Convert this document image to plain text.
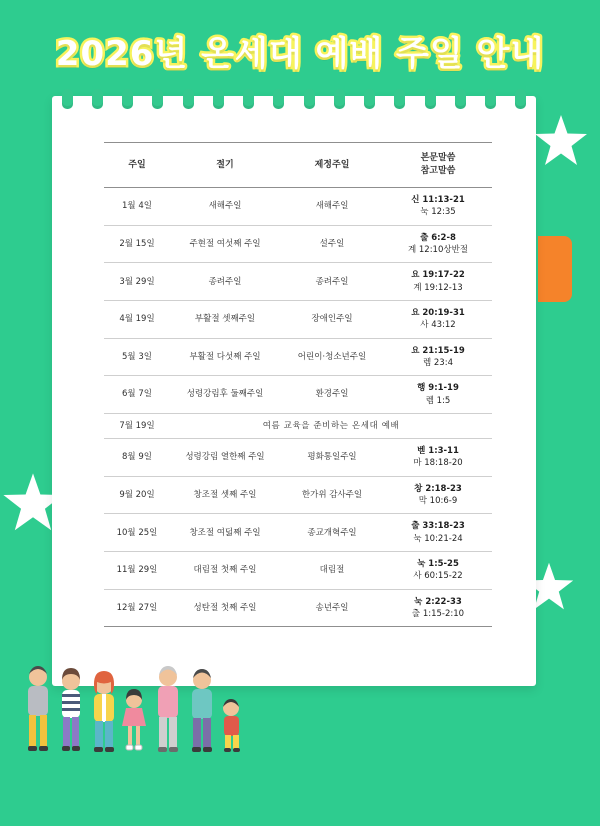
2026년 온세대 예배 주일 안내
주일	절기	제정주일	본문말씀
참고말씀
1월 4일	새해주일	새해주일	신 11:13-21
눅 12:35

2월 15일	주현절 여섯째 주일	설주일	출 6:2-8
계 12:10상반절

3월 29일	종려주일	종려주일	요 19:17-22
계 19:12-13

4월 19일	부활절 셋째주일	장애인주일	요 20:19-31
사 43:12

5월 3일	부활절 다섯째 주일	어린이·청소년주일	요 21:15-19
렘 23:4

6월 7일	성령강림후 둘째주일	환경주일	행 9:1-19
렘 1:5

7월 19일	여름 교육을 준비하는 온세대 예배		
8월 9일	성령강림 열한째 주일	평화통일주일	벧 1:3-11
마 18:18-20

9월 20일	창조절 셋째 주일	한가위 감사주일	창 2:18-23
막 10:6-9

10월 25일	창조절 여덟째 주일	종교개혁주일	출 33:18-23
눅 10:21-24

11월 29일	대림절 첫째 주일	대림절	눅 1:5-25
사 60:15-22

12월 27일	성탄절 첫째 주일	송년주일	눅 2:22-33
출 1:15-2:10
